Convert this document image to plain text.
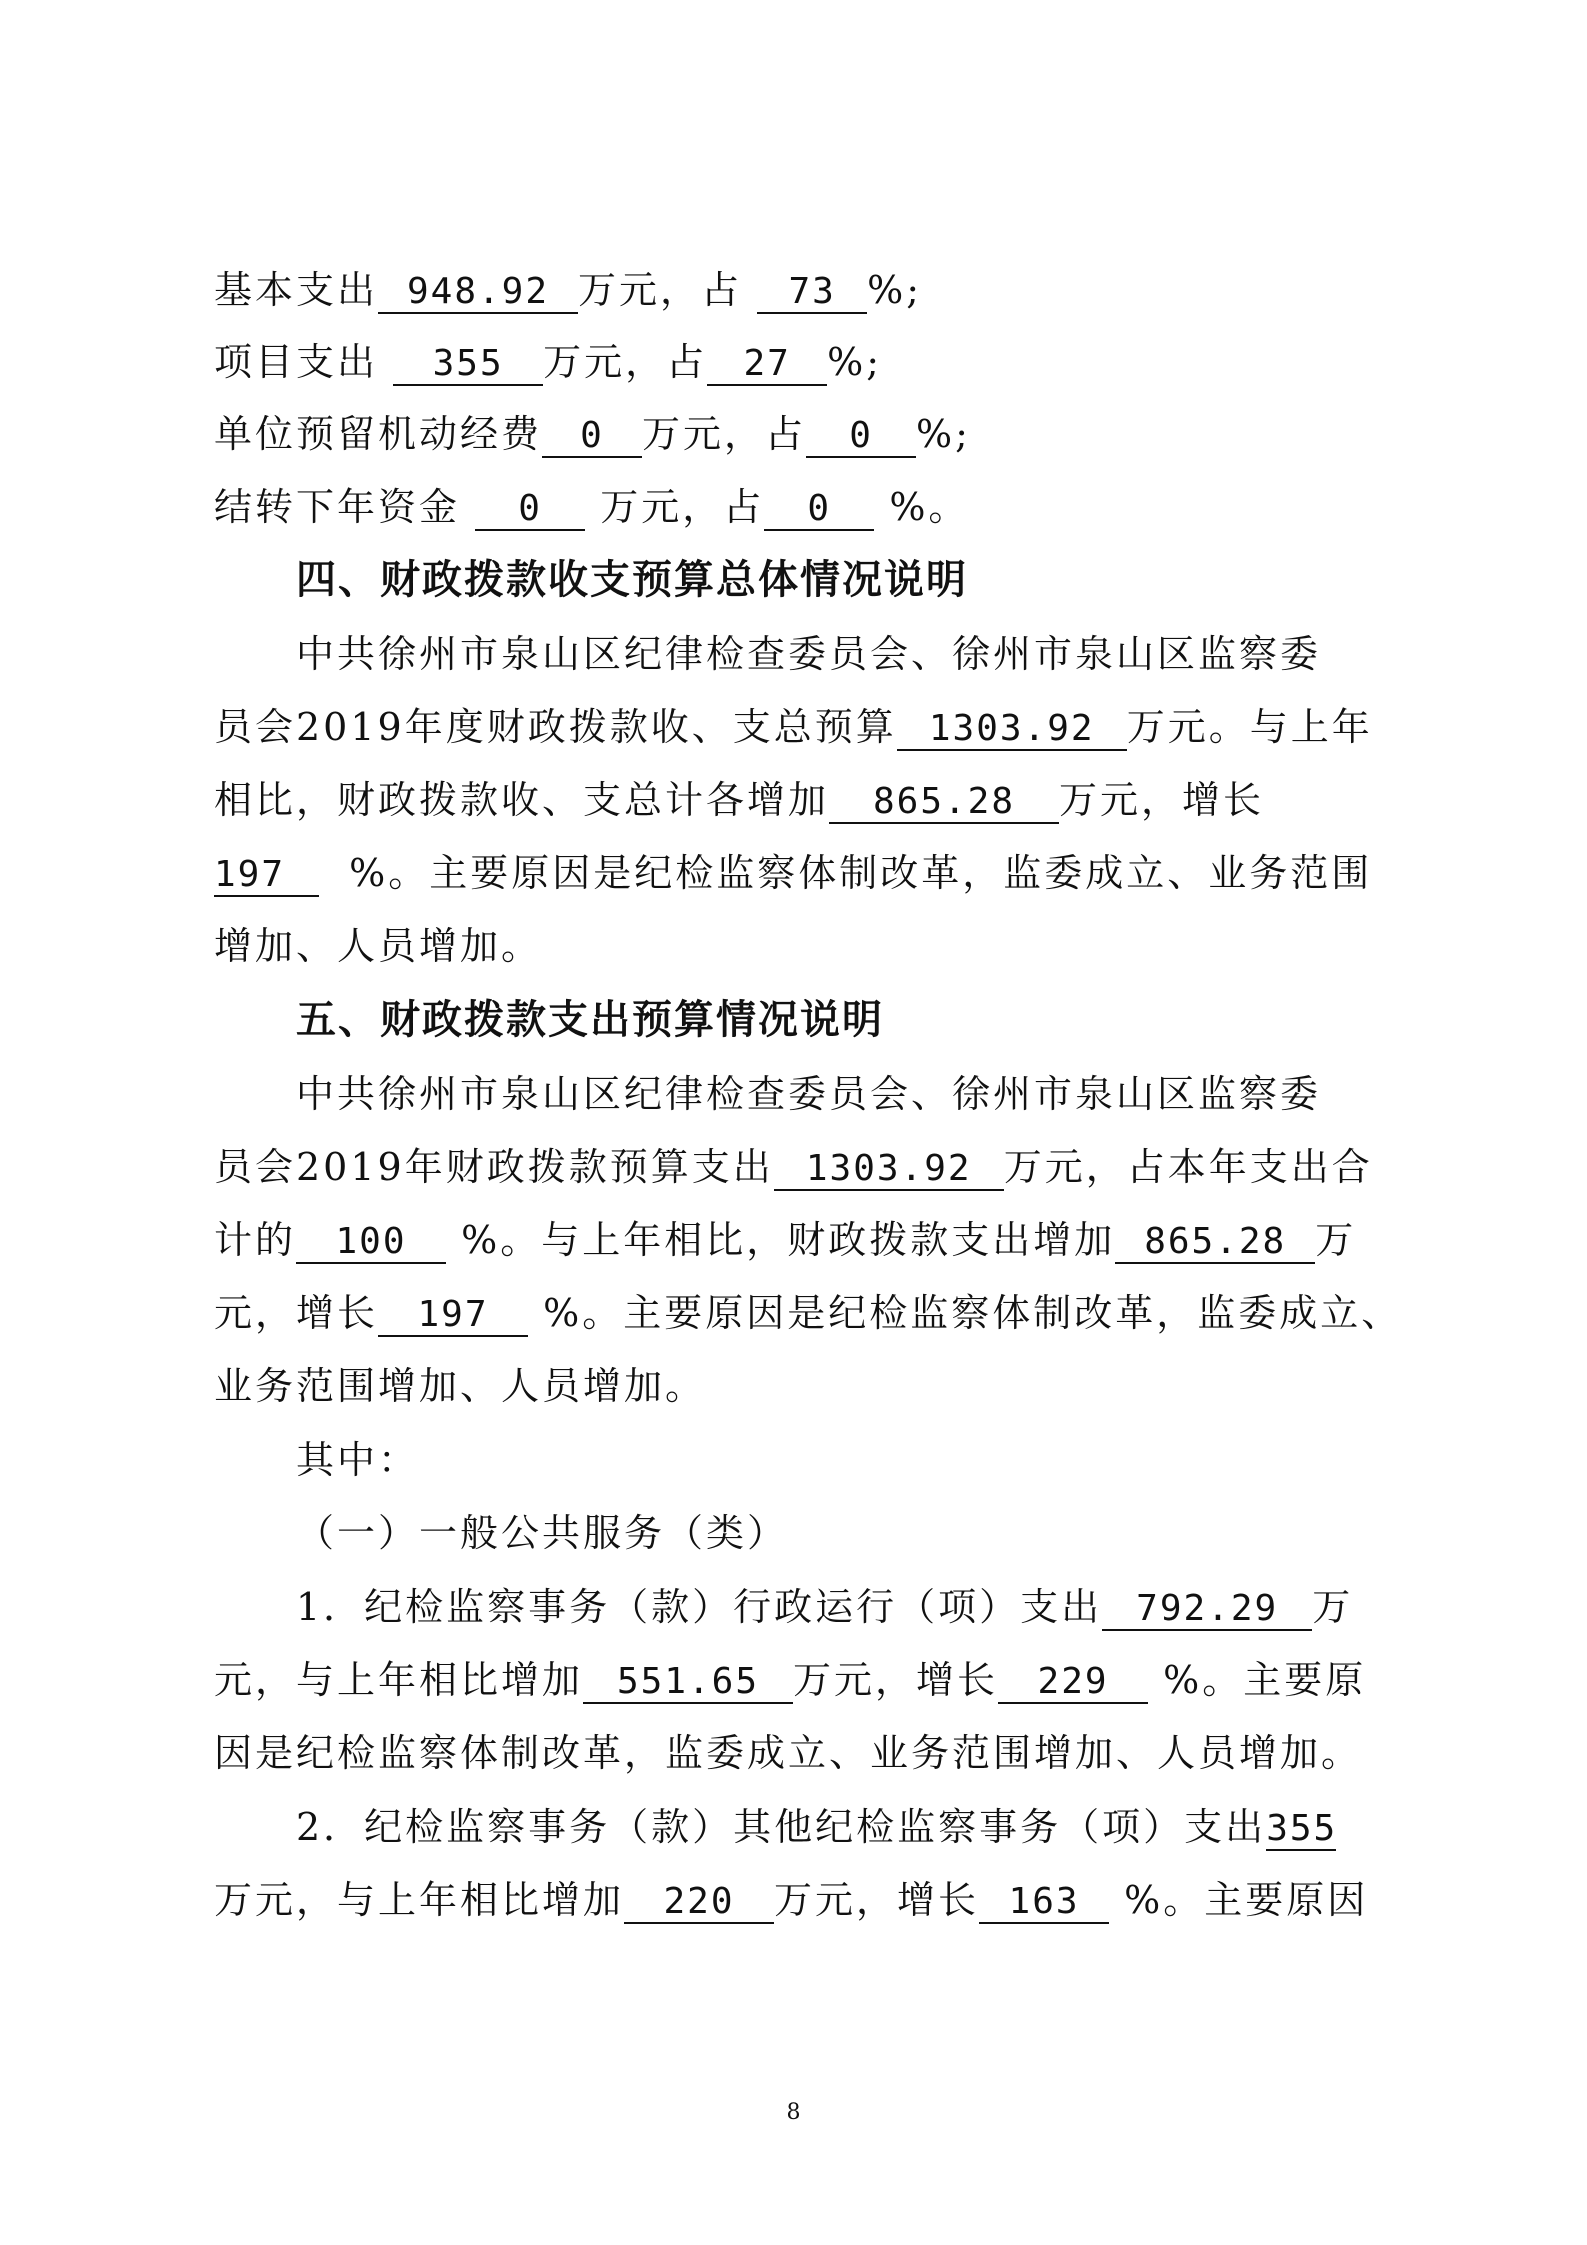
基本支出 948.92 万元，占 73 %;
项目支出 355 万元，占 27 %;
单位预留机动经费 0 万元，占 0 %;
结转下年资金 0 万元，占 0 %。
四、财政拨款收支预算总体情况说明
中共徐州市泉山区纪律检查委员会、徐州市泉山区监察委
员会2019年度财政拨款收、支总预算 1303.92 万元。与上年
相比，财政拨款收、支总计各增加 865.28 万元，增长
197 %。主要原因是纪检监察体制改革，监委成立、业务范围
增加、人员增加。
五、财政拨款支出预算情况说明
中共徐州市泉山区纪律检查委员会、徐州市泉山区监察委
员会2019年财政拨款预算支出 1303.92 万元，占本年支出合
计的 100 %。与上年相比，财政拨款支出增加 865.28 万
元，增长 197 %。主要原因是纪检监察体制改革，监委成立、
业务范围增加、人员增加。
其中：
（一）一般公共服务（类）
1．纪检监察事务（款）行政运行（项）支出 792.29 万
元，与上年相比增加 551.65 万元，增长 229 %。主要原
因是纪检监察体制改革，监委成立、业务范围增加、人员增加。
2．纪检监察事务（款）其他纪检监察事务（项）支出355
万元，与上年相比增加 220 万元，增长 163 %。主要原因
8
